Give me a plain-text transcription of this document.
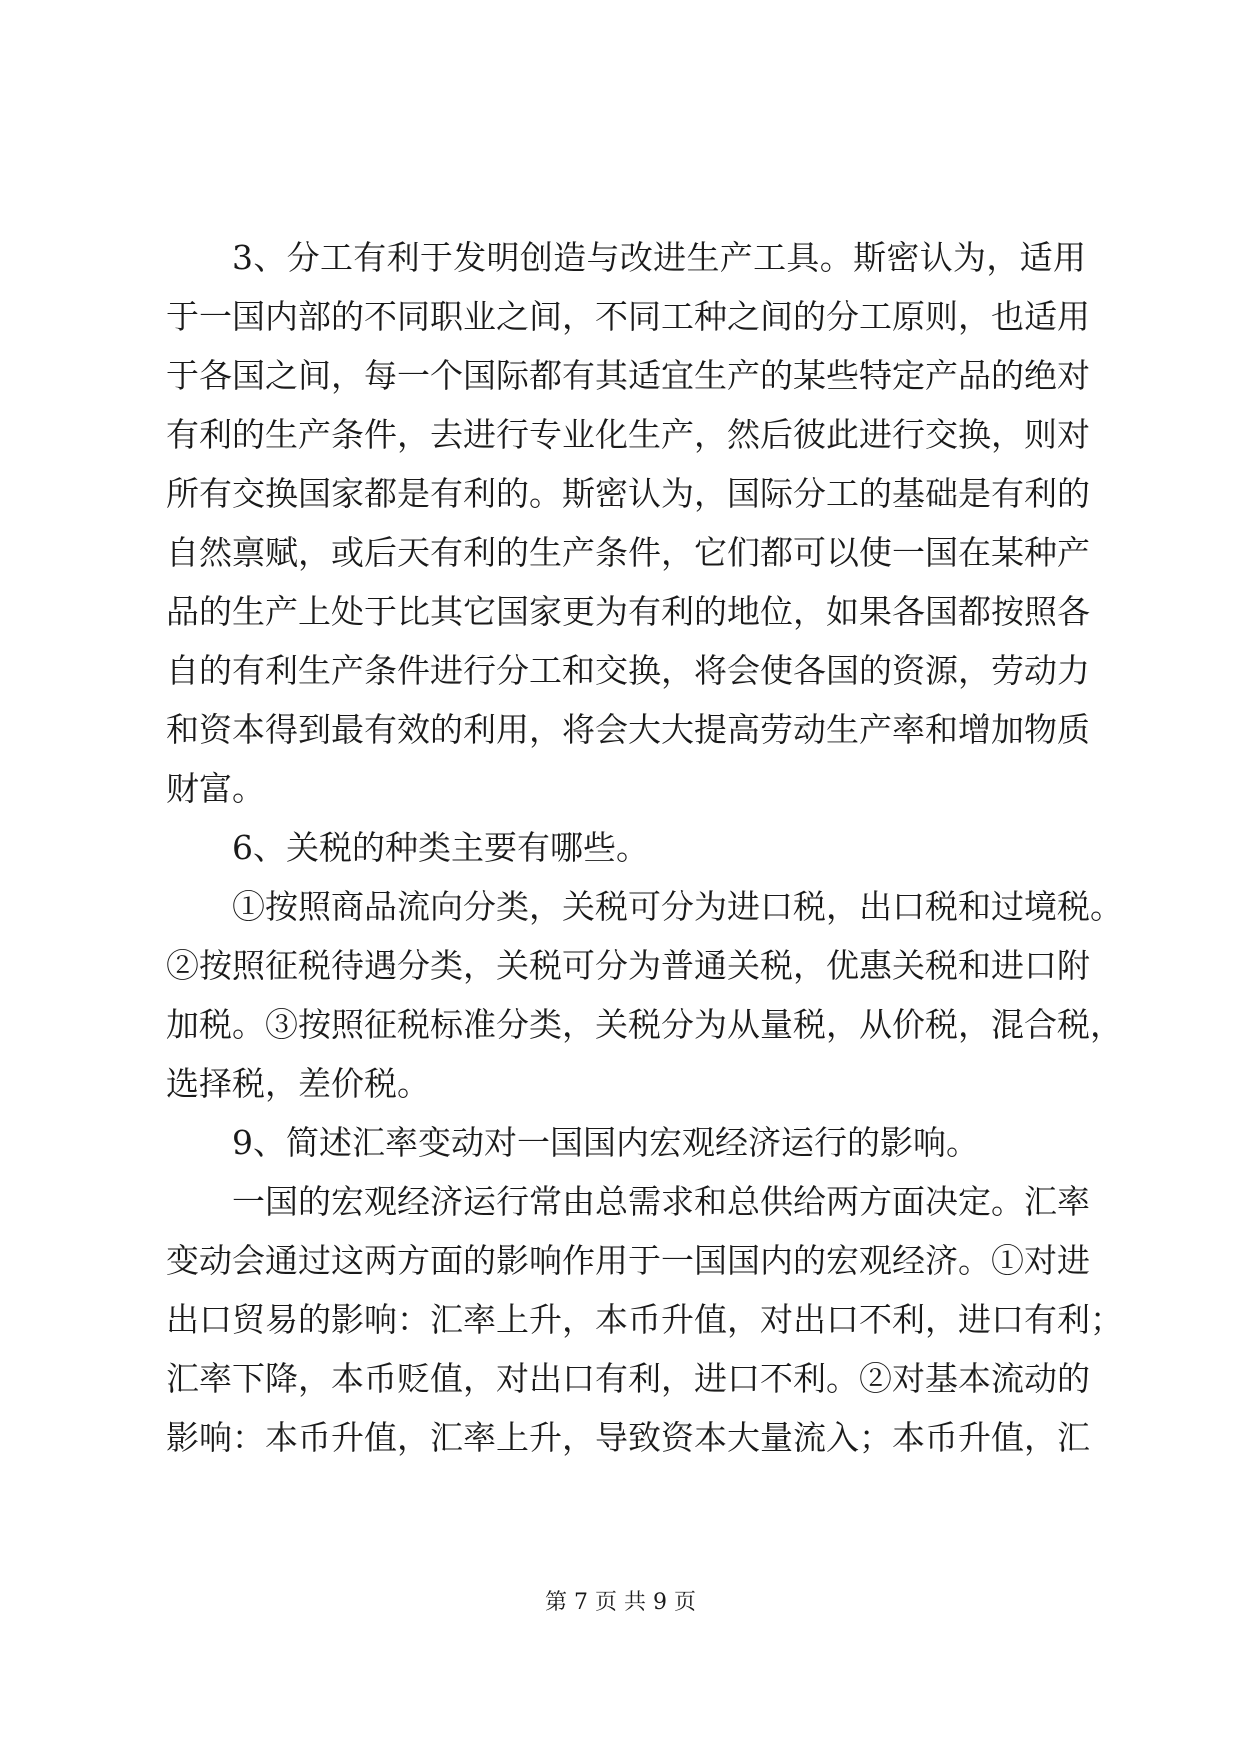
3、分工有利于发明创造与改进生产工具。斯密认为，适用
于一国内部的不同职业之间，不同工种之间的分工原则，也适用
于各国之间，每一个国际都有其适宜生产的某些特定产品的绝对
有利的生产条件，去进行专业化生产，然后彼此进行交换，则对
所有交换国家都是有利的。斯密认为，国际分工的基础是有利的
自然禀赋，或后天有利的生产条件，它们都可以使一国在某种产
品的生产上处于比其它国家更为有利的地位，如果各国都按照各
自的有利生产条件进行分工和交换，将会使各国的资源，劳动力
和资本得到最有效的利用，将会大大提高劳动生产率和增加物质
财富。
6、关税的种类主要有哪些。
①按照商品流向分类，关税可分为进口税，出口税和过境税。
②按照征税待遇分类，关税可分为普通关税，优惠关税和进口附
加税。③按照征税标准分类，关税分为从量税，从价税，混合税，
选择税，差价税。
9、简述汇率变动对一国国内宏观经济运行的影响。
一国的宏观经济运行常由总需求和总供给两方面决定。汇率
变动会通过这两方面的影响作用于一国国内的宏观经济。①对进
出口贸易的影响：汇率上升，本币升值，对出口不利，进口有利；
汇率下降，本币贬值，对出口有利，进口不利。②对基本流动的
影响：本币升值，汇率上升，导致资本大量流入；本币升值，汇
第 7 页 共 9 页
